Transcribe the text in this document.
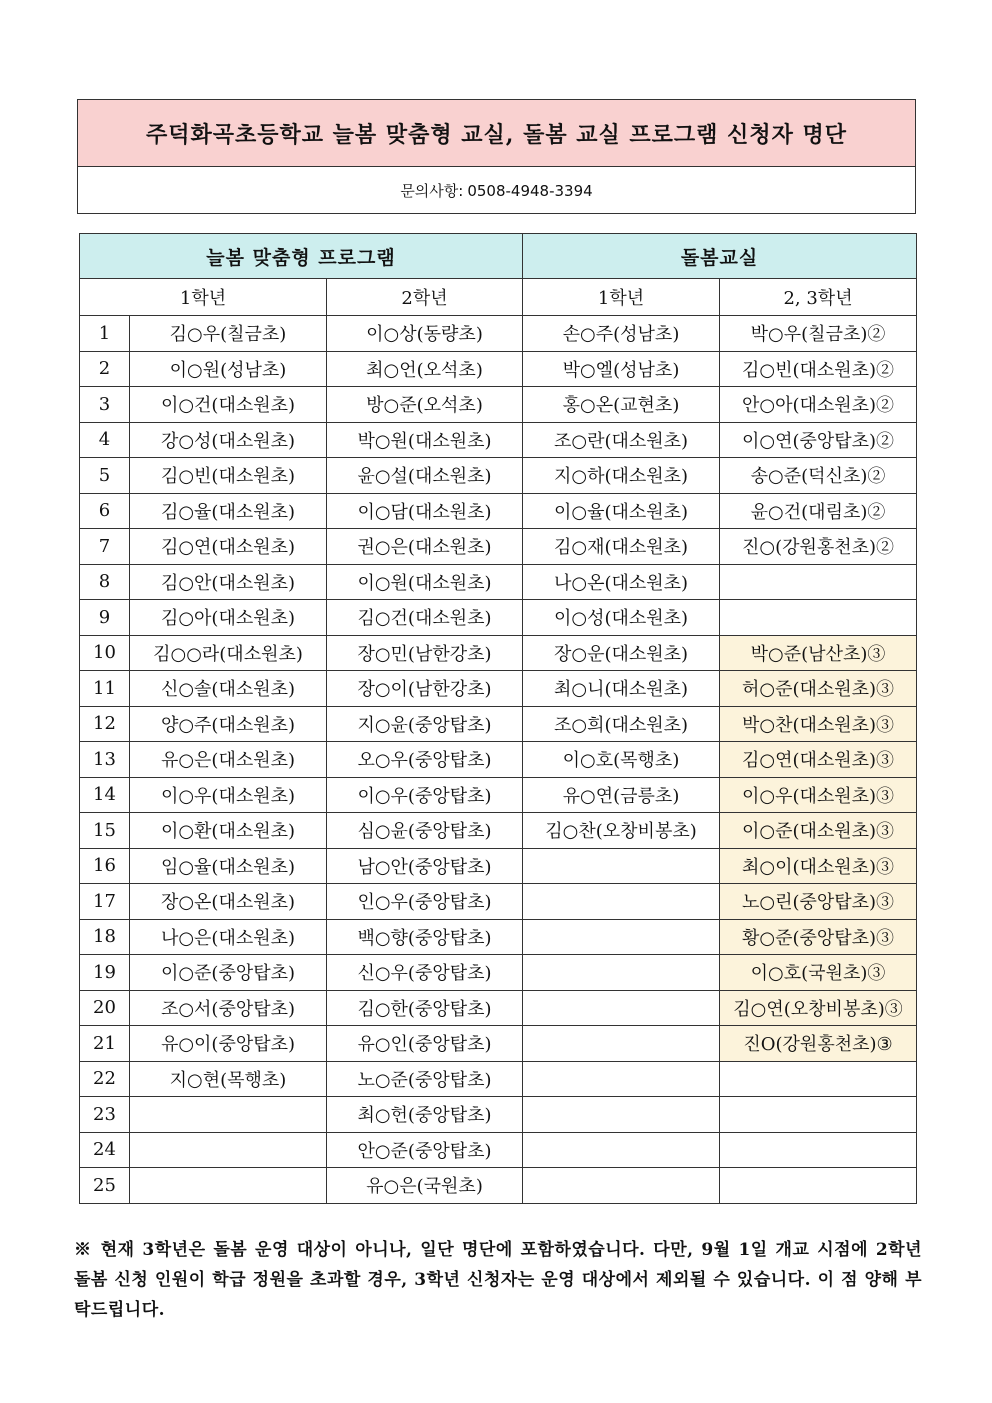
주덕화곡초등학교 늘봄 맞춤형 교실, 돌봄 교실 프로그램 신청자 명단
문의사항: 0508-4948-3394
늘봄 맞춤형 프로그램			돌봄교실	
1학년		2학년	1학년	2, 3학년
1	김○우(칠금초)	이○상(동량초)	손○주(성남초)	박○우(칠금초)②
2	이○원(성남초)	최○언(오석초)	박○엘(성남초)	김○빈(대소원초)②
3	이○건(대소원초)	방○준(오석초)	홍○온(교현초)	안○아(대소원초)②
4	강○성(대소원초)	박○원(대소원초)	조○란(대소원초)	이○연(중앙탑초)②
5	김○빈(대소원초)	윤○설(대소원초)	지○하(대소원초)	송○준(덕신초)②
6	김○율(대소원초)	이○담(대소원초)	이○율(대소원초)	윤○건(대림초)②
7	김○연(대소원초)	권○은(대소원초)	김○재(대소원초)	진○(강원홍천초)②
8	김○안(대소원초)	이○원(대소원초)	나○온(대소원초)	
9	김○아(대소원초)	김○건(대소원초)	이○성(대소원초)	
10	김○○라(대소원초)	장○민(남한강초)	장○운(대소원초)	박○준(남산초)③
11	신○솔(대소원초)	장○이(남한강초)	최○니(대소원초)	허○준(대소원초)③
12	양○주(대소원초)	지○윤(중앙탑초)	조○희(대소원초)	박○찬(대소원초)③
13	유○은(대소원초)	오○우(중앙탑초)	이○호(목행초)	김○연(대소원초)③
14	이○우(대소원초)	이○우(중앙탑초)	유○연(금릉초)	이○우(대소원초)③
15	이○환(대소원초)	심○윤(중앙탑초)	김○찬(오창비봉초)	이○준(대소원초)③
16	임○율(대소원초)	남○안(중앙탑초)		최○이(대소원초)③
17	장○온(대소원초)	인○우(중앙탑초)		노○린(중앙탑초)③
18	나○은(대소원초)	백○향(중앙탑초)		황○준(중앙탑초)③
19	이○준(중앙탑초)	신○우(중앙탑초)		이○호(국원초)③
20	조○서(중앙탑초)	김○한(중앙탑초)		김○연(오창비봉초)③
21	유○이(중앙탑초)	유○인(중앙탑초)		진O(강원홍천초)③
22	지○현(목행초)	노○준(중앙탑초)		
23		최○헌(중앙탑초)		
24		안○준(중앙탑초)		
25		유○은(국원초)		
※ 현재 3학년은 돌봄 운영 대상이 아니나, 일단 명단에 포함하였습니다. 다만, 9월 1일 개교 시점에 2학년 돌봄 신청 인원이 학급 정원을 초과할 경우, 3학년 신청자는 운영 대상에서 제외될 수 있습니다. 이 점 양해 부탁드립니다.
